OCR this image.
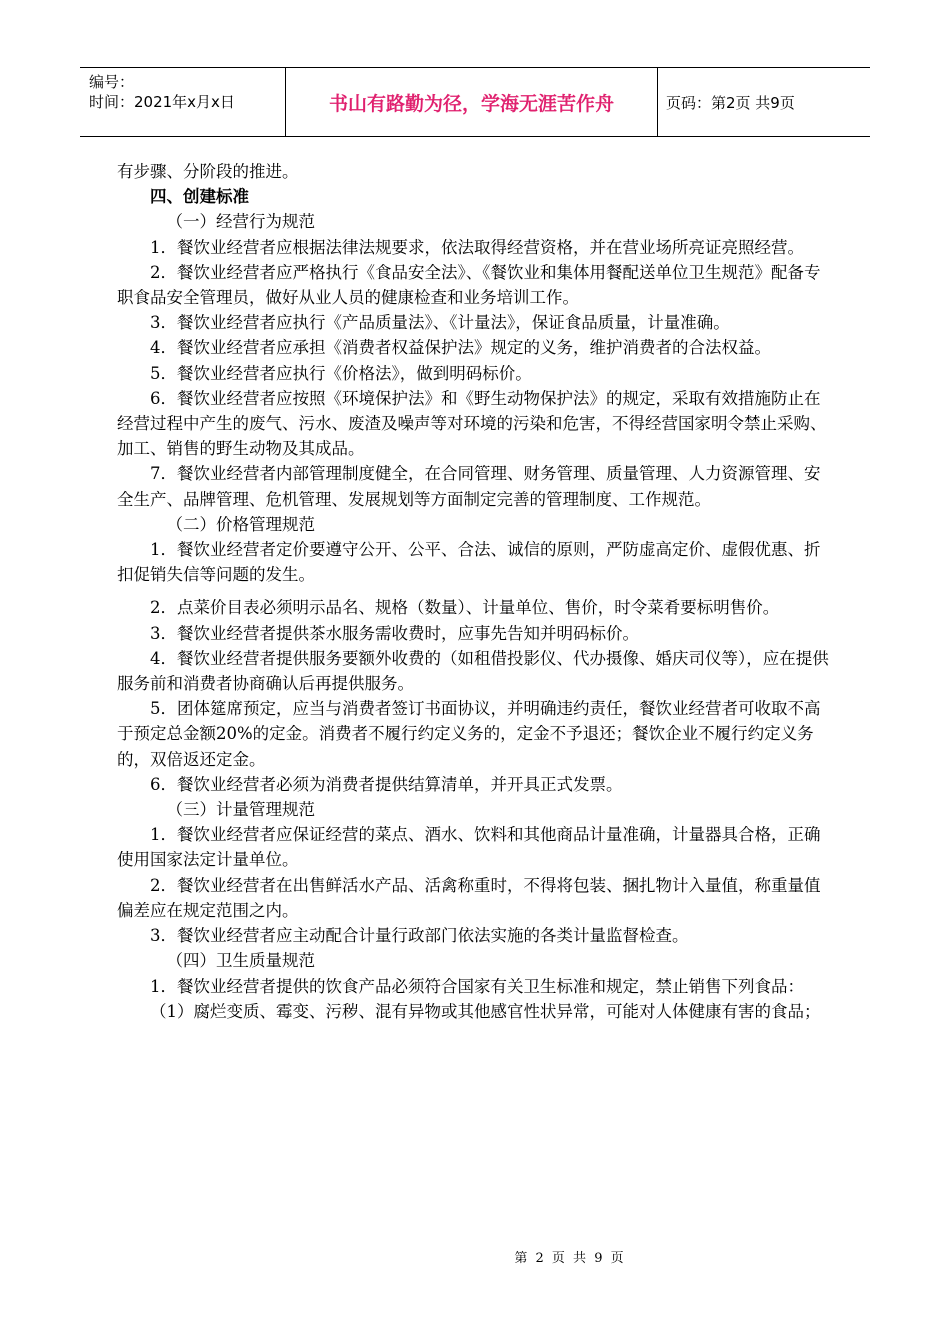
编号：
时间：2021年x月x日	书山有路勤为径，学海无涯苦作舟	页码：第2页 共9页

有步骤、分阶段的推进。

四、创建标准

（一）经营行为规范

1．餐饮业经营者应根据法律法规要求，依法取得经营资格，并在营业场所亮证亮照经营。

2．餐饮业经营者应严格执行《食品安全法》、《餐饮业和集体用餐配送单位卫生规范》配备专职食品安全管理员，做好从业人员的健康检查和业务培训工作。

3．餐饮业经营者应执行《产品质量法》、《计量法》，保证食品质量，计量准确。

4．餐饮业经营者应承担《消费者权益保护法》规定的义务，维护消费者的合法权益。

5．餐饮业经营者应执行《价格法》，做到明码标价。

6．餐饮业经营者应按照《环境保护法》和《野生动物保护法》的规定，采取有效措施防止在经营过程中产生的废气、污水、废渣及噪声等对环境的污染和危害，不得经营国家明令禁止采购、加工、销售的野生动物及其成品。

7．餐饮业经营者内部管理制度健全，在合同管理、财务管理、质量管理、人力资源管理、安全生产、品牌管理、危机管理、发展规划等方面制定完善的管理制度、工作规范。

（二）价格管理规范

1．餐饮业经营者定价要遵守公开、公平、合法、诚信的原则，严防虚高定价、虚假优惠、折扣促销失信等问题的发生。

2．点菜价目表必须明示品名、规格（数量）、计量单位、售价，时令菜肴要标明售价。

3．餐饮业经营者提供茶水服务需收费时，应事先告知并明码标价。

4．餐饮业经营者提供服务要额外收费的（如租借投影仪、代办摄像、婚庆司仪等），应在提供服务前和消费者协商确认后再提供服务。

5．团体筵席预定，应当与消费者签订书面协议，并明确违约责任，餐饮业经营者可收取不高于预定总金额20%的定金。消费者不履行约定义务的，定金不予退还；餐饮企业不履行约定义务的，双倍返还定金。

6．餐饮业经营者必须为消费者提供结算清单，并开具正式发票。

（三）计量管理规范

1．餐饮业经营者应保证经营的菜点、酒水、饮料和其他商品计量准确，计量器具合格，正确使用国家法定计量单位。

2．餐饮业经营者在出售鲜活水产品、活禽称重时，不得将包装、捆扎物计入量值，称重量值偏差应在规定范围之内。

3．餐饮业经营者应主动配合计量行政部门依法实施的各类计量监督检查。

（四）卫生质量规范

1．餐饮业经营者提供的饮食产品必须符合国家有关卫生标准和规定，禁止销售下列食品：

（1）腐烂变质、霉变、污秽、混有异物或其他感官性状异常，可能对人体健康有害的食品；

第 2 页 共 9 页
